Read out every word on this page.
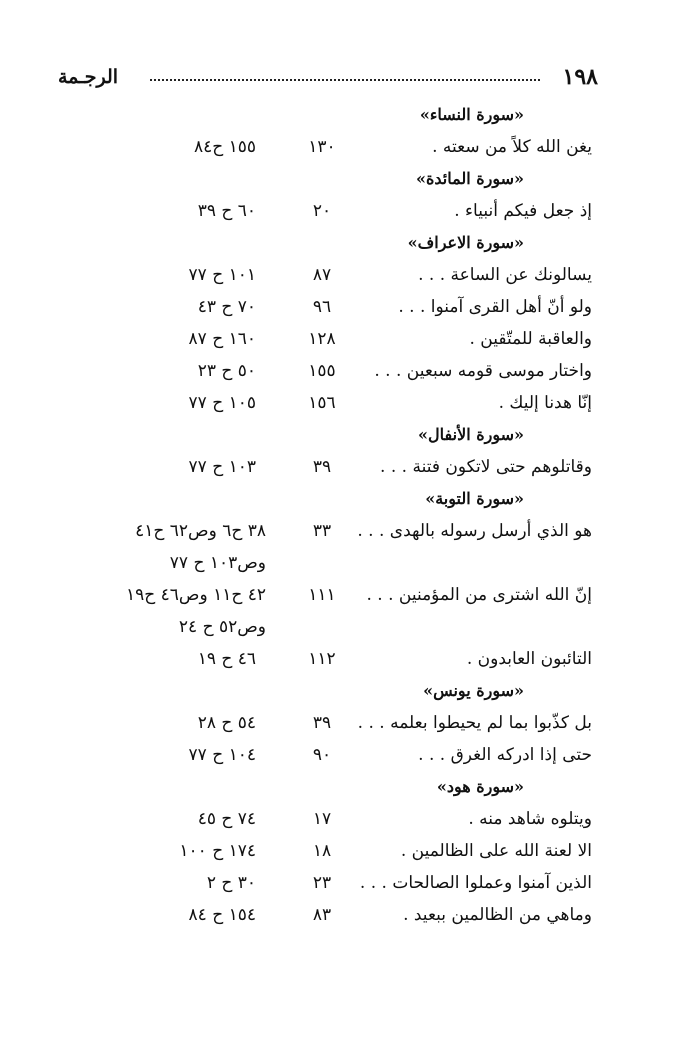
١٩٨
الرجـمة
«سورة النساء»
يغن الله كلاً من سعته .
١٣٠
١٥٥ ح٨٤
«سورة المائدة»
إذ جعل فيكم أنبياء .
٢٠
٦٠ ح ٣٩
«سورة الاعراف»
يسالونك عن الساعة . . .
٨٧
١٠١ ح ٧٧
ولو أنّ أهل القرى آمنوا . . .
٩٦
٧٠ ح ٤٣
والعاقبة للمتّقين .
١٢٨
١٦٠ ح ٨٧
واختار موسى قومه سبعين . . .
١٥٥
٥٠ ح ٢٣
إنّا هدنا إليك .
١٥٦
١٠٥ ح ٧٧
«سورة الأنفال»
وقاتلوهم حتى لاتكون فتنة . . .
٣٩
١٠٣ ح ٧٧
«سورة التوبة»
هو الذي أرسل رسوله بالهدى . . .
٣٣
٣٨ ح٦ وص٦٢ ح٤١
وص١٠٣ ح ٧٧
إنّ الله اشترى من المؤمنين . . .
١١١
٤٢ ح١١ وص٤٦ ح١٩
وص٥٢ ح ٢٤
التائبون العابدون .
١١٢
٤٦ ح ١٩
«سورة يونس»
بل كذّبوا بما لم يحيطوا بعلمه . . .
٣٩
٥٤ ح ٢٨
حتى إذا ادركه الغرق . . .
٩٠
١٠٤ ح ٧٧
«سورة هود»
ويتلوه شاهد منه .
١٧
٧٤ ح ٤٥
الا لعنة الله على الظالمين .
١٨
١٧٤ ح ١٠٠
الذين آمنوا وعملوا الصالحات . . .
٢٣
٣٠ ح ٢
وماهي من الظالمين ببعيد .
٨٣
١٥٤ ح ٨٤
